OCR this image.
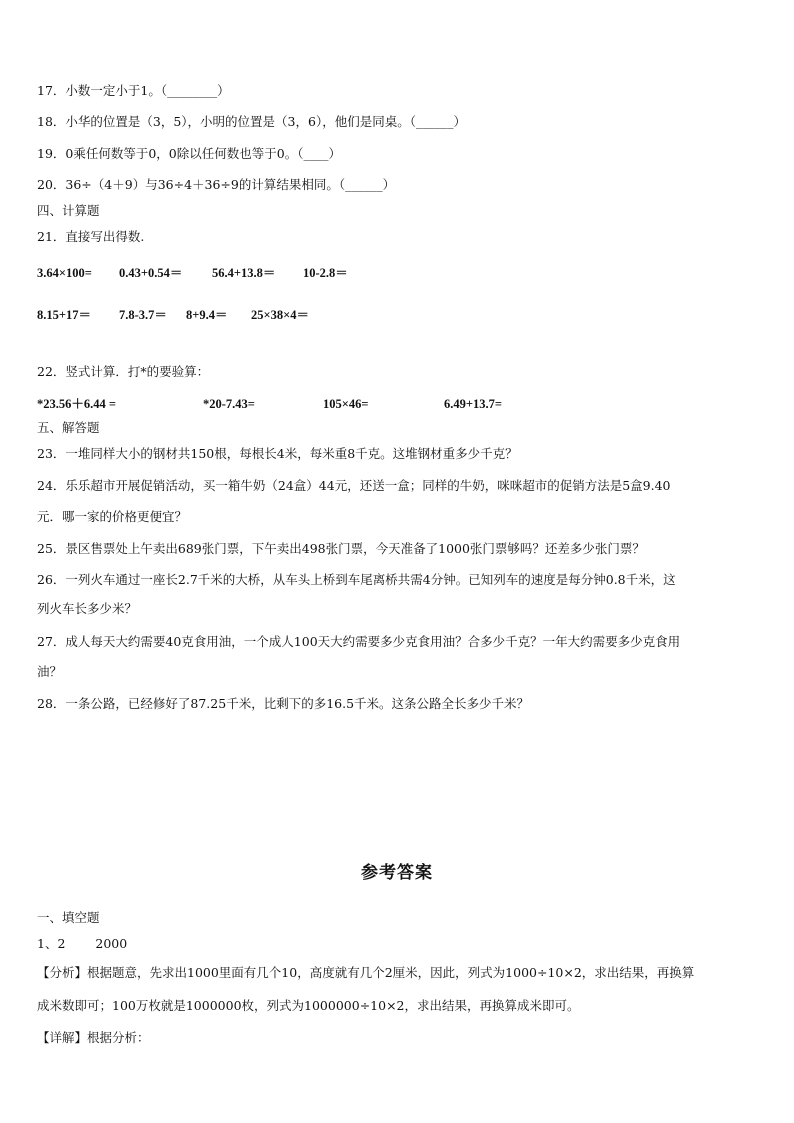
17．小数一定小于1。（________）
18．小华的位置是（3，5），小明的位置是（3，6），他们是同桌。（______）
19．0乘任何数等于0，0除以任何数也等于0。（____）
20．36÷（4＋9）与36÷4＋36÷9的计算结果相同。（______）
四、计算题
21．直接写出得数.
3.64×100= 0.43+0.54＝ 56.4+13.8＝ 10-2.8＝
8.15+17＝ 7.8-3.7＝ 8+9.4＝ 25×38×4＝
22．竖式计算．打*的要验算：
*23.56＋6.44 =	*20-7.43=	105×46=	6.49+13.7=
五、解答题
23．一堆同样大小的钢材共150根，每根长4米，每米重8千克。这堆钢材重多少千克？
24．乐乐超市开展促销活动，买一箱牛奶（24盒）44元，还送一盒；同样的牛奶，咪咪超市的促销方法是5盒9.40
元．哪一家的价格更便宜？
25．景区售票处上午卖出689张门票，下午卖出498张门票，今天准备了1000张门票够吗？还差多少张门票？
26．一列火车通过一座长2.7千米的大桥，从车头上桥到车尾离桥共需4分钟。已知列车的速度是每分钟0.8千米，这
列火车长多少米？
27．成人每天大约需要40克食用油，一个成人100天大约需要多少克食用油？合多少千克？一年大约需要多少克食用
油？
28．一条公路，已经修好了87.25千米，比剩下的多16.5千米。这条公路全长多少千米？
参考答案
一、填空题
1、2 2000
【分析】根据题意，先求出1000里面有几个10，高度就有几个2厘米，因此，列式为1000÷10×2，求出结果，再换算
成米数即可；100万枚就是1000000枚，列式为1000000÷10×2，求出结果，再换算成米即可。
【详解】根据分析：
